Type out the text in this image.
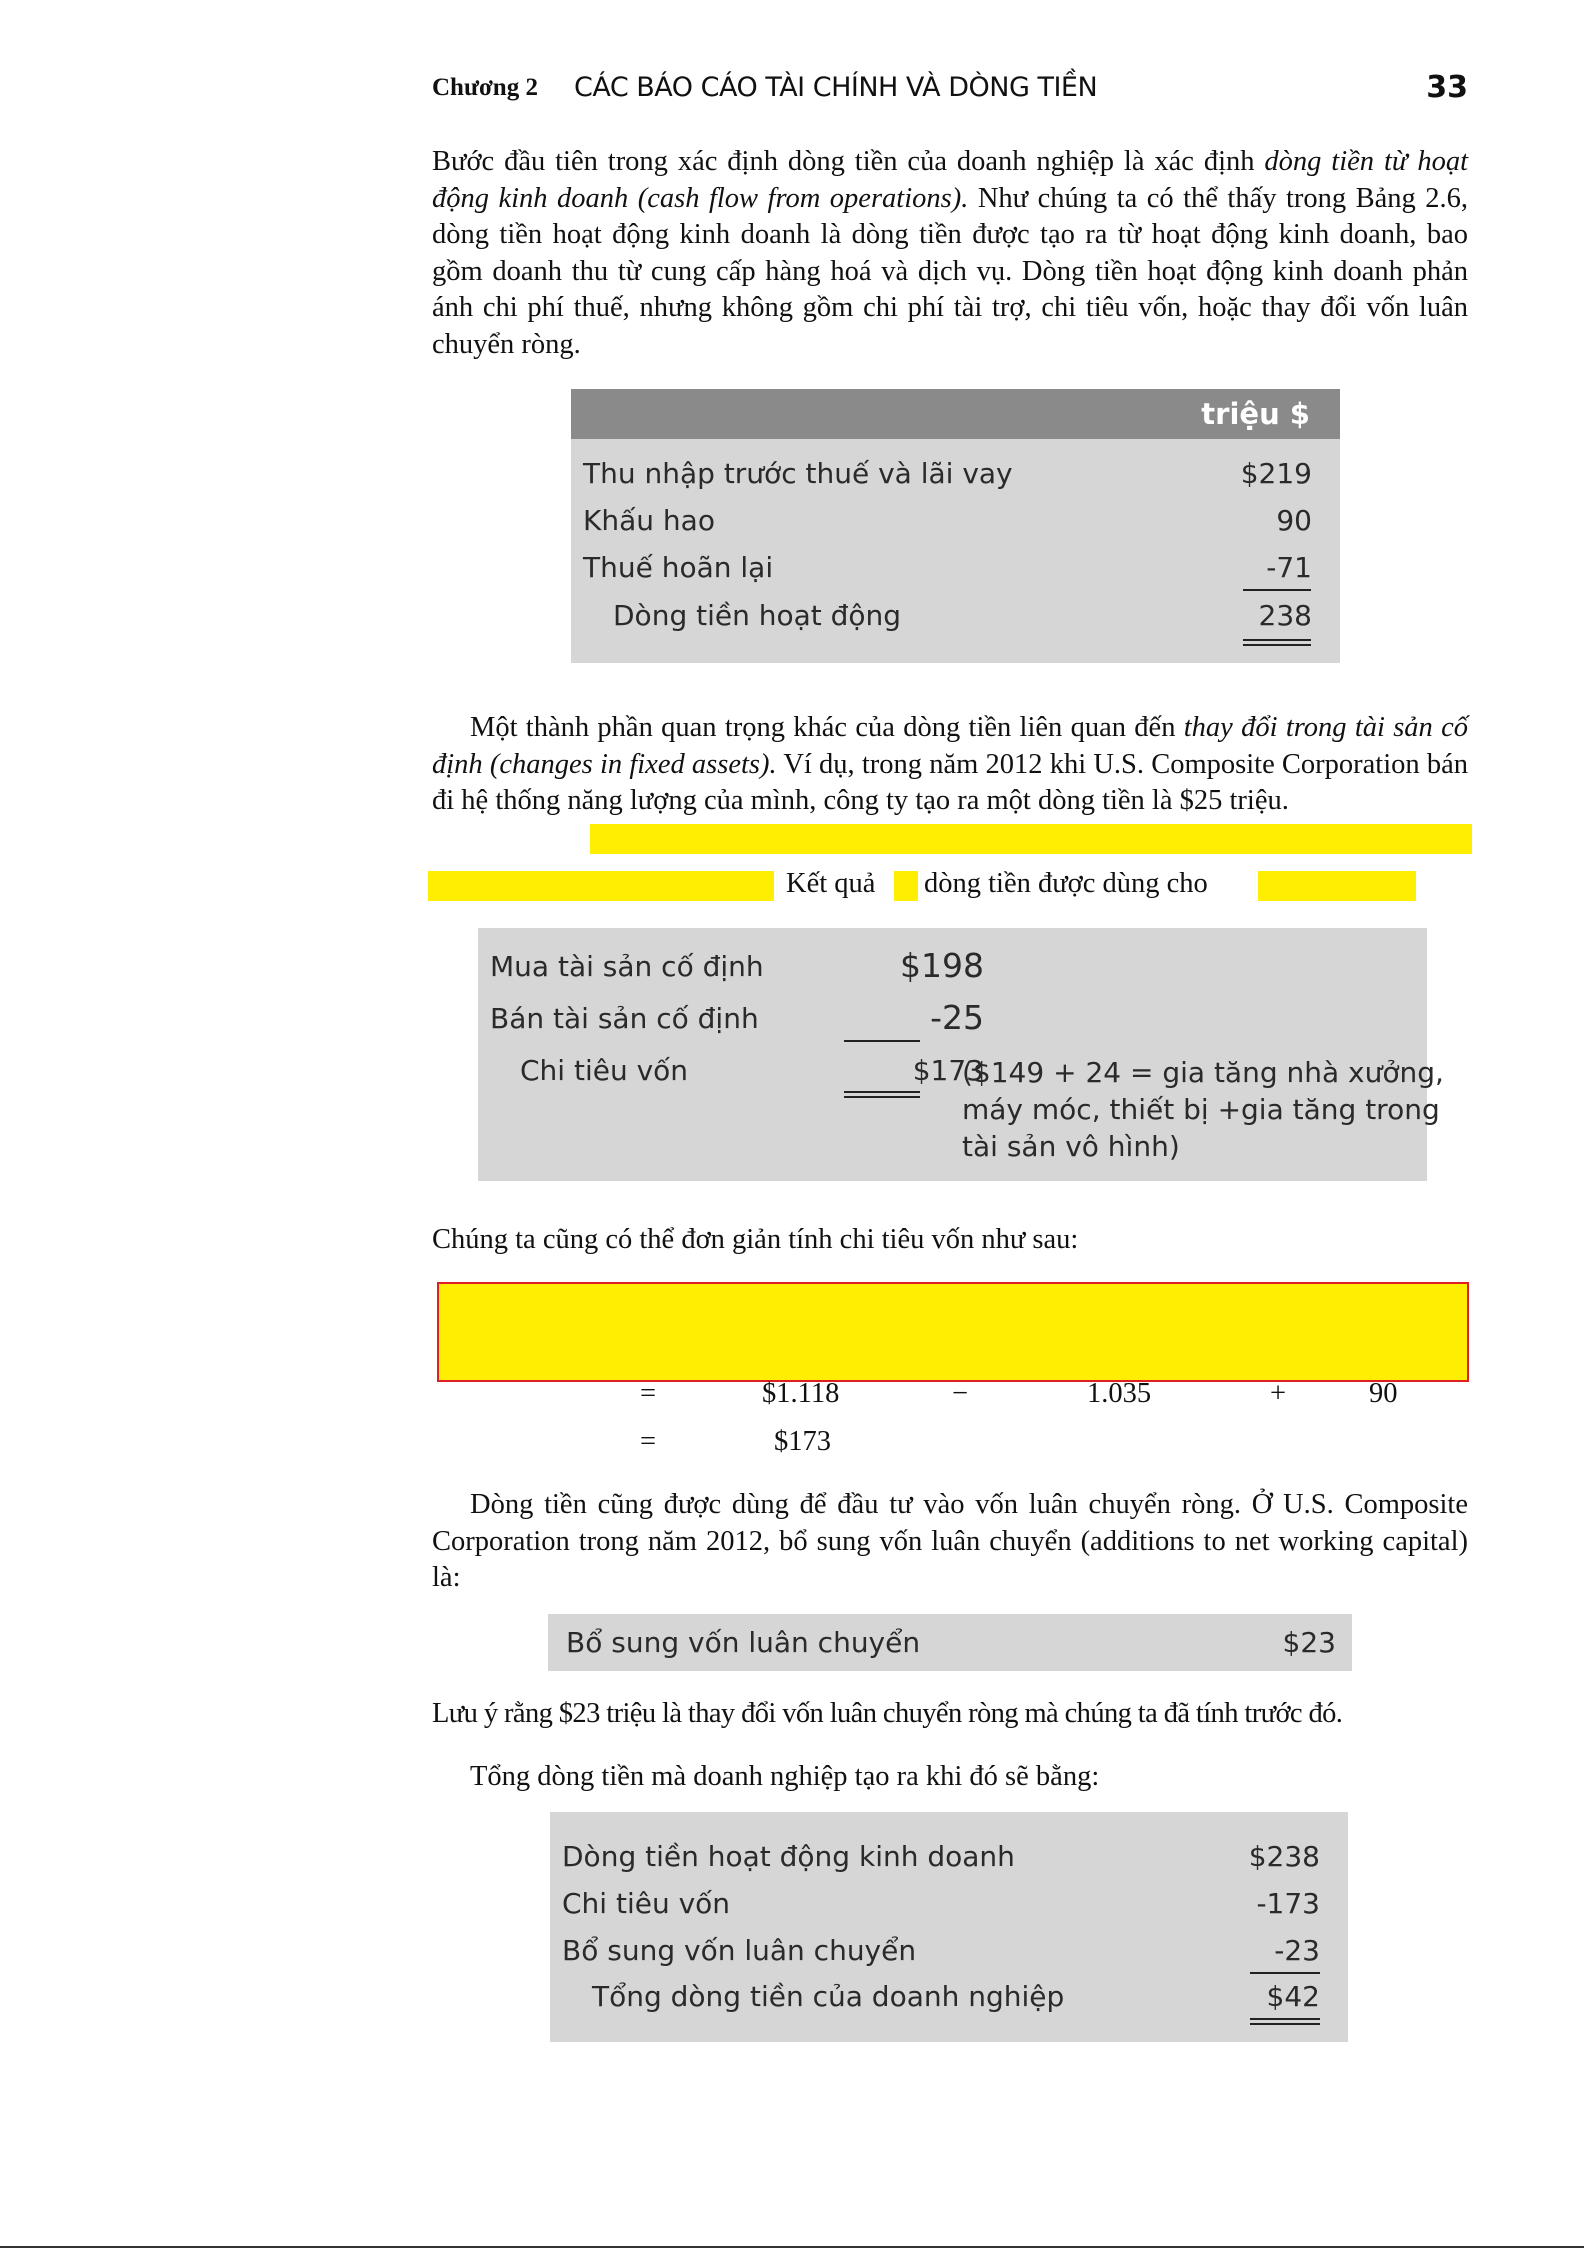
Chương 2 CÁC BÁO CÁO TÀI CHÍNH VÀ DÒNG TIỀN	33
Bước đầu tiên trong xác định dòng tiền của doanh nghiệp là xác định dòng tiền từ hoạt động kinh doanh (cash flow from operations). Như chúng ta có thể thấy trong Bảng 2.6, dòng tiền hoạt động kinh doanh là dòng tiền được tạo ra từ hoạt động kinh doanh, bao gồm doanh thu từ cung cấp hàng hoá và dịch vụ. Dòng tiền hoạt động kinh doanh phản ánh chi phí thuế, nhưng không gồm chi phí tài trợ, chi tiêu vốn, hoặc thay đổi vốn luân chuyển ròng.
triệu $
Thu nhập trước thuế và lãi vay	$219
Khấu hao	90
Thuế hoãn lại	-71
Dòng tiền hoạt động	238
Một thành phần quan trọng khác của dòng tiền liên quan đến thay đổi trong tài sản cố định (changes in fixed assets). Ví dụ, trong năm 2012 khi U.S. Composite Corporation bán đi hệ thống năng lượng của mình, công ty tạo ra một dòng tiền là $25 triệu.
Kết quả dòng tiền được dùng cho
Mua tài sản cố định	$198
Bán tài sản cố định	-25
Chi tiêu vốn	$173
($149 + 24 = gia tăng nhà xưởng,
máy móc, thiết bị +gia tăng trong
tài sản vô hình)
Chúng ta cũng có thể đơn giản tính chi tiêu vốn như sau:
=	$1.118	−	1.035	+	90
=	$173
Dòng tiền cũng được dùng để đầu tư vào vốn luân chuyển ròng. Ở U.S. Composite Corporation trong năm 2012, bổ sung vốn luân chuyển (additions to net working capital) là:
Bổ sung vốn luân chuyển	$23
Lưu ý rằng $23 triệu là thay đổi vốn luân chuyển ròng mà chúng ta đã tính trước đó.
Tổng dòng tiền mà doanh nghiệp tạo ra khi đó sẽ bằng:
Dòng tiền hoạt động kinh doanh	$238
Chi tiêu vốn	-173
Bổ sung vốn luân chuyển	-23
Tổng dòng tiền của doanh nghiệp	$42
